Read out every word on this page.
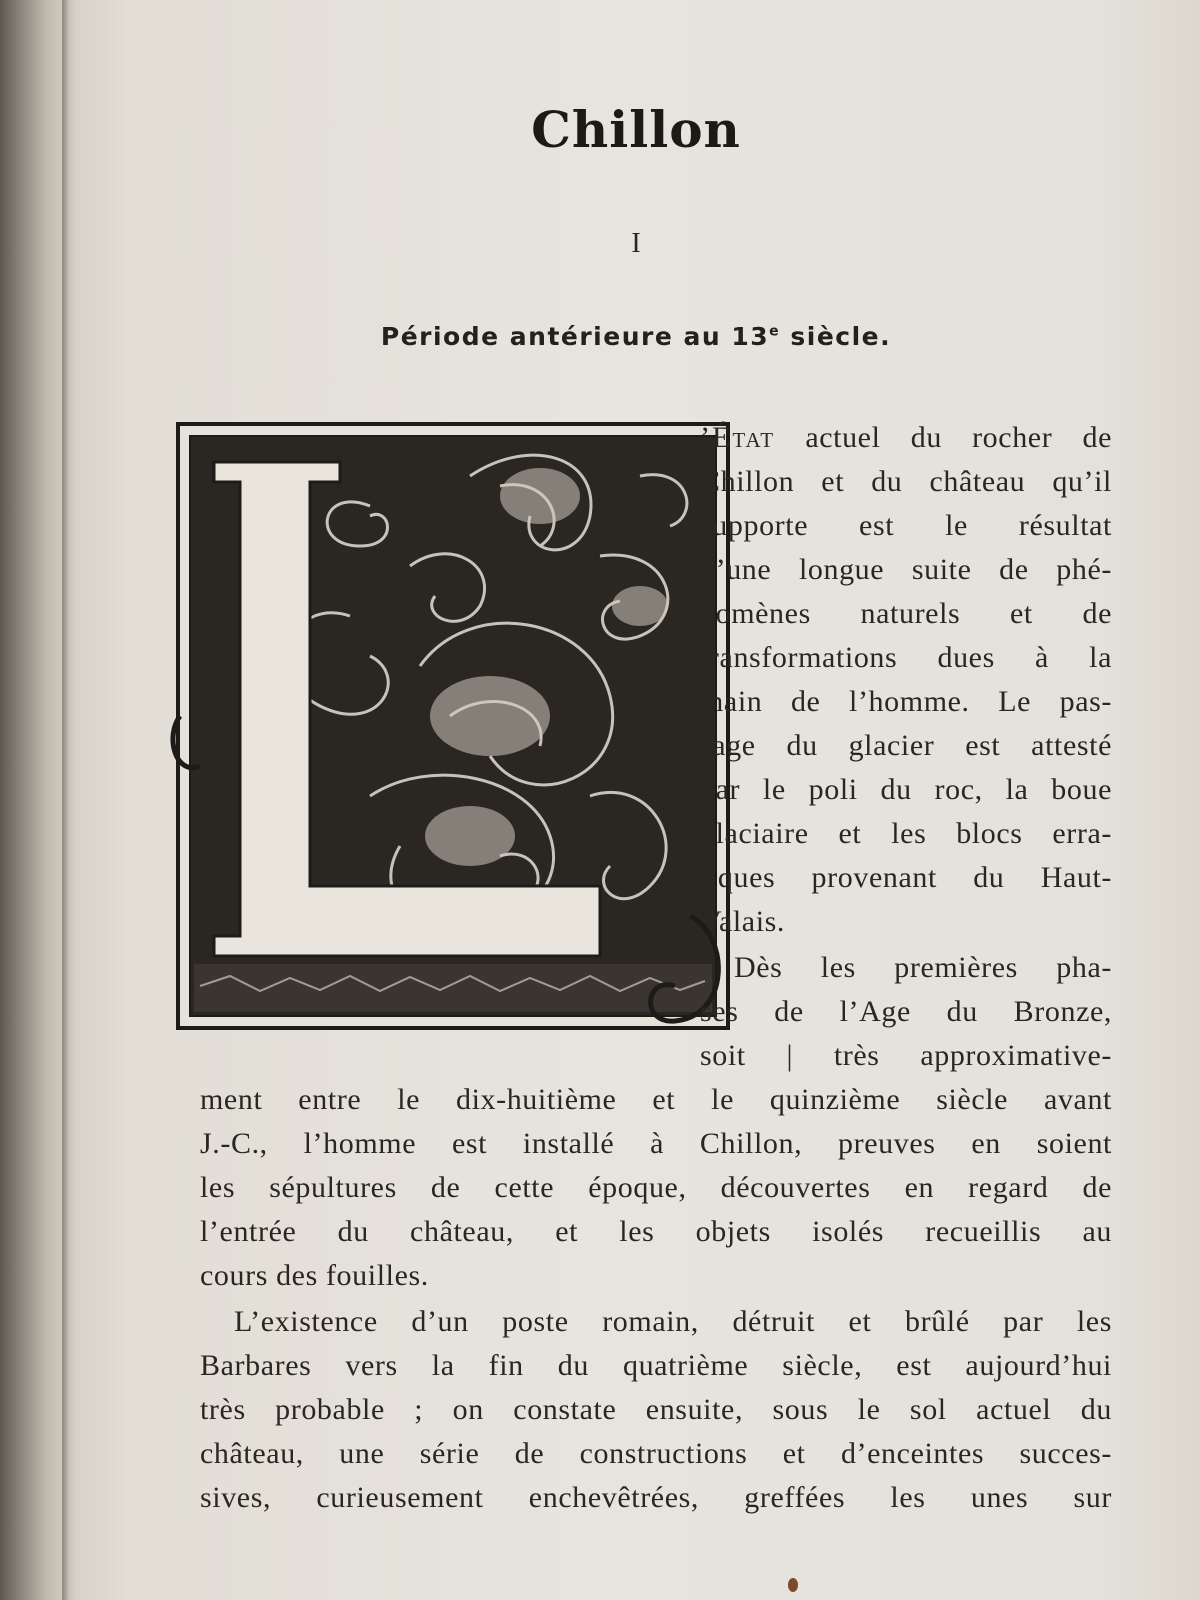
Chillon
I
Période antérieure au 13e siècle.
’État actuel du rocher de
Chillon et du château qu’il
supporte est le résultat
d’une longue suite de phé-
nomènes naturels et de
transformations dues à la
main de l’homme. Le pas-
sage du glacier est attesté
par le poli du roc, la boue
glaciaire et les blocs erra-
tiques provenant du Haut-
Valais.
Dès les premières pha-
ses de l’Age du Bronze,
soit | très approximative-
ment entre le dix-huitième et le quinzième siècle avant
J.-C., l’homme est installé à Chillon, preuves en soient
les sépultures de cette époque, découvertes en regard de
l’entrée du château, et les objets isolés recueillis au
cours des fouilles.
L’existence d’un poste romain, détruit et brûlé par les
Barbares vers la fin du quatrième siècle, est aujourd’hui
très probable ; on constate ensuite, sous le sol actuel du
château, une série de constructions et d’enceintes succes-
sives, curieusement enchevêtrées, greffées les unes sur
